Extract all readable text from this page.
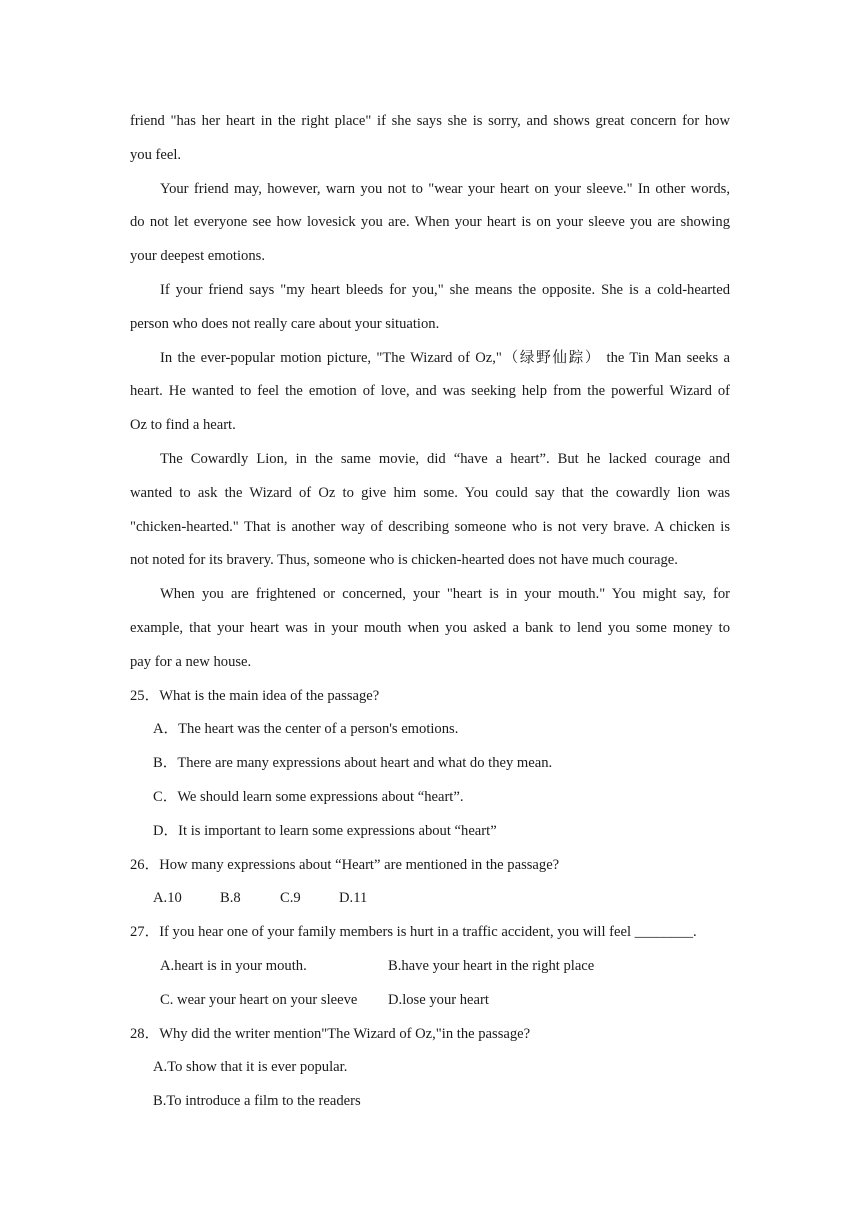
friend "has her heart in the right place" if she says she is sorry, and shows great concern for how
you feel.
Your friend may, however, warn you not to "wear your heart on your sleeve." In other words,
do not let everyone see how lovesick you are. When your heart is on your sleeve you are showing
your deepest emotions.
If your friend says "my heart bleeds for you," she means the opposite. She is a cold-hearted
person who does not really care about your situation.
In the ever-popular motion picture, "The Wizard of Oz,"（绿野仙踪） the Tin Man seeks a
heart. He wanted to feel the emotion of love, and was seeking help from the powerful Wizard of
Oz to find a heart.
The Cowardly Lion, in the same movie, did “have a heart”. But he lacked courage and
wanted to ask the Wizard of Oz to give him some. You could say that the cowardly lion was
"chicken-hearted." That is another way of describing someone who is not very brave. A chicken is
not noted for its bravery. Thus, someone who is chicken-hearted does not have much courage.
When you are frightened or concerned, your "heart is in your mouth." You might say, for
example, that your heart was in your mouth when you asked a bank to lend you some money to
pay for a new house.
25．What is the main idea of the passage?
A．The heart was the center of a person's emotions.
B．There are many expressions about heart and what do they mean.
C．We should learn some expressions about “heart”.
D．It is important to learn some expressions about “heart”
26．How many expressions about “Heart” are mentioned in the passage?
A.10	B.8	C.9	D.11
27．If you hear one of your family members is hurt in a traffic accident, you will feel ________.
A.heart is in your mouth.	B.have your heart in the right place
C. wear your heart on your sleeve D.lose your heart
28．Why did the writer mention"The Wizard of Oz,"in the passage?
A.To show that it is ever popular.
B.To introduce a film to the readers
